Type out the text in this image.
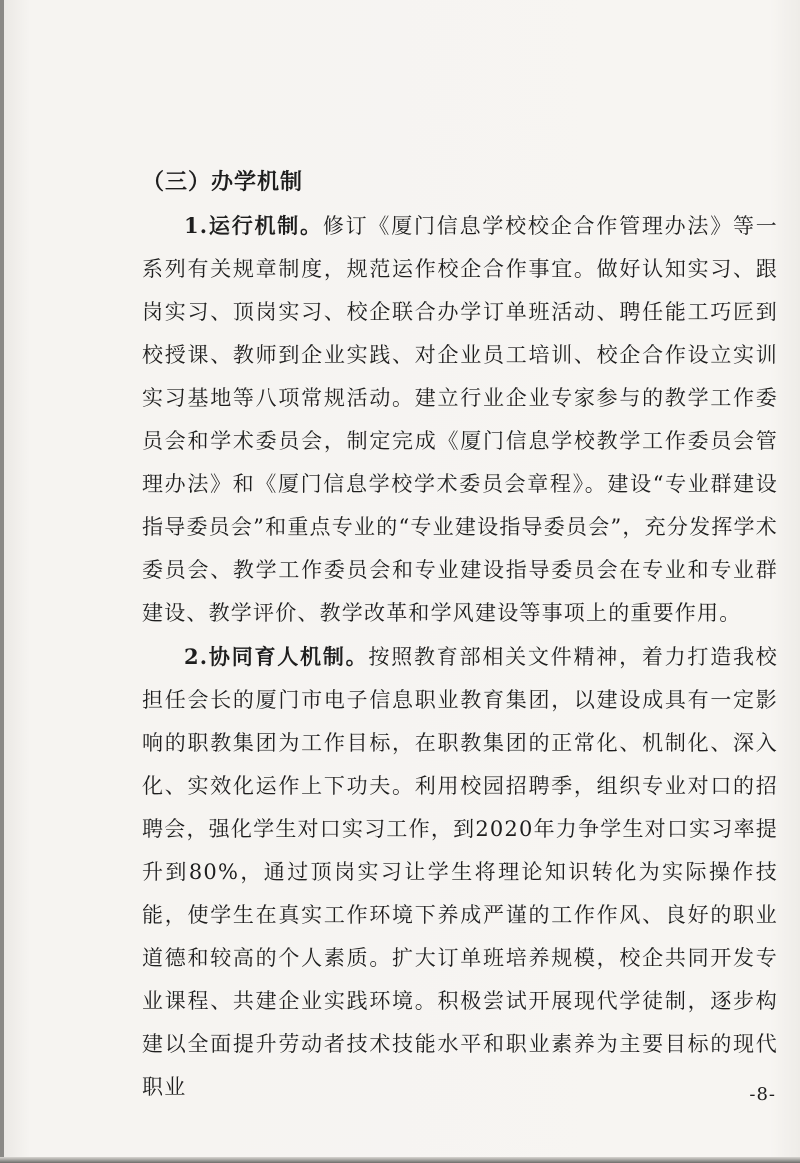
（三）办学机制

1.运行机制。修订《厦门信息学校校企合作管理办法》等一系列有关规章制度，规范运作校企合作事宜。做好认知实习、跟岗实习、顶岗实习、校企联合办学订单班活动、聘任能工巧匠到校授课、教师到企业实践、对企业员工培训、校企合作设立实训实习基地等八项常规活动。建立行业企业专家参与的教学工作委员会和学术委员会，制定完成《厦门信息学校教学工作委员会管理办法》和《厦门信息学校学术委员会章程》。建设“专业群建设指导委员会”和重点专业的“专业建设指导委员会”，充分发挥学术委员会、教学工作委员会和专业建设指导委员会在专业和专业群建设、教学评价、教学改革和学风建设等事项上的重要作用。

2.协同育人机制。按照教育部相关文件精神，着力打造我校担任会长的厦门市电子信息职业教育集团，以建设成具有一定影响的职教集团为工作目标，在职教集团的正常化、机制化、深入化、实效化运作上下功夫。利用校园招聘季，组织专业对口的招聘会，强化学生对口实习工作，到2020年力争学生对口实习率提升到80%，通过顶岗实习让学生将理论知识转化为实际操作技能，使学生在真实工作环境下养成严谨的工作作风、良好的职业道德和较高的个人素质。扩大订单班培养规模，校企共同开发专业课程、共建企业实践环境。积极尝试开展现代学徒制，逐步构建以全面提升劳动者技术技能水平和职业素养为主要目标的现代职业	-8-
